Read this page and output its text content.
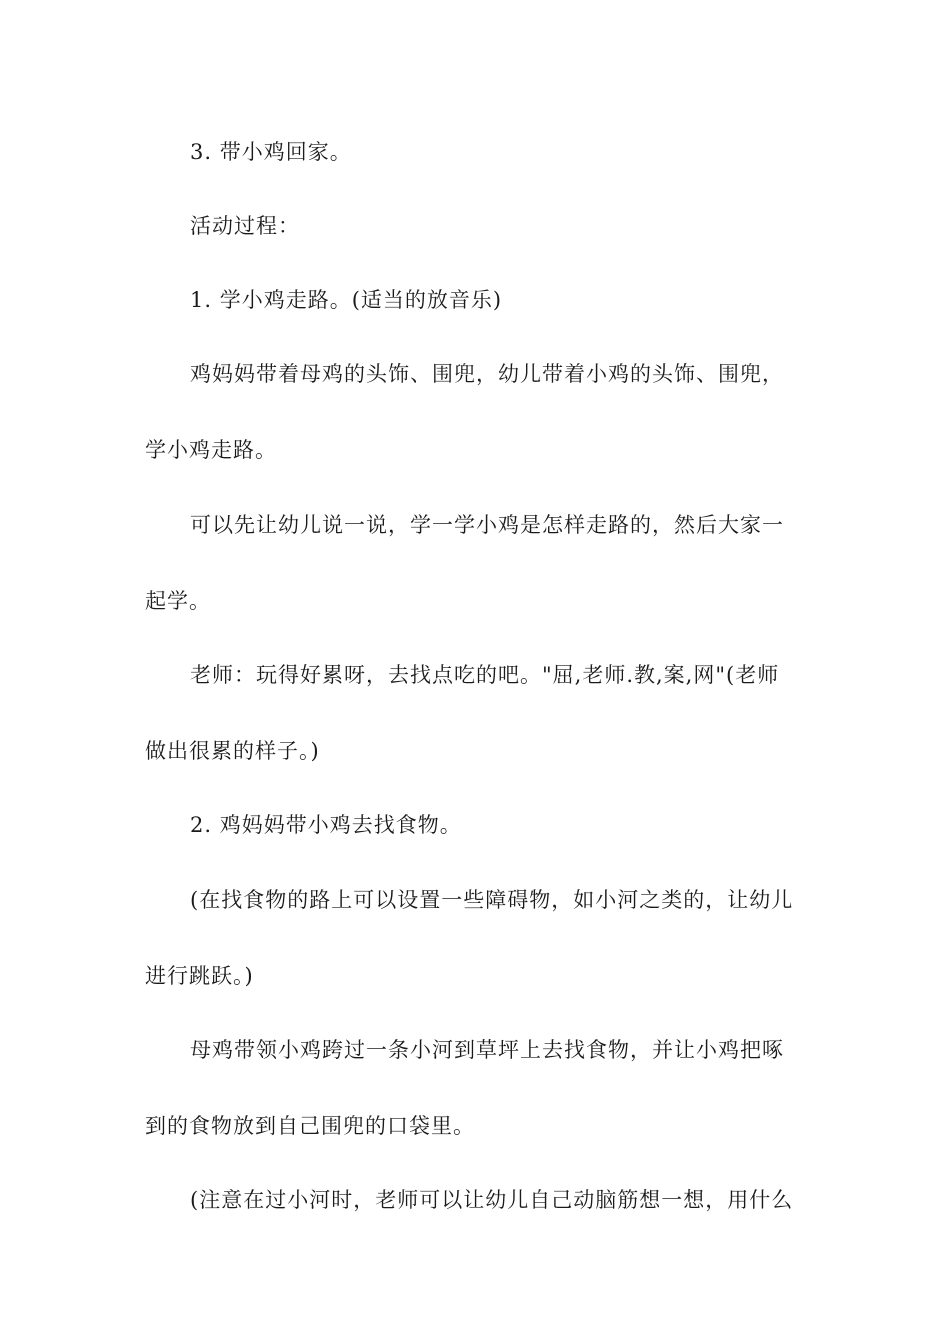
3. 带小鸡回家。
活动过程：
1. 学小鸡走路。(适当的放音乐)
鸡妈妈带着母鸡的头饰、围兜，幼儿带着小鸡的头饰、围兜，
学小鸡走路。
可以先让幼儿说一说，学一学小鸡是怎样走路的，然后大家一
起学。
老师：玩得好累呀，去找点吃的吧。"屈,老师.教,案,网"(老师
做出很累的样子。)
2. 鸡妈妈带小鸡去找食物。
(在找食物的路上可以设置一些障碍物，如小河之类的，让幼儿
进行跳跃。)
母鸡带领小鸡跨过一条小河到草坪上去找食物，并让小鸡把啄
到的食物放到自己围兜的口袋里。
(注意在过小河时，老师可以让幼儿自己动脑筋想一想，用什么
